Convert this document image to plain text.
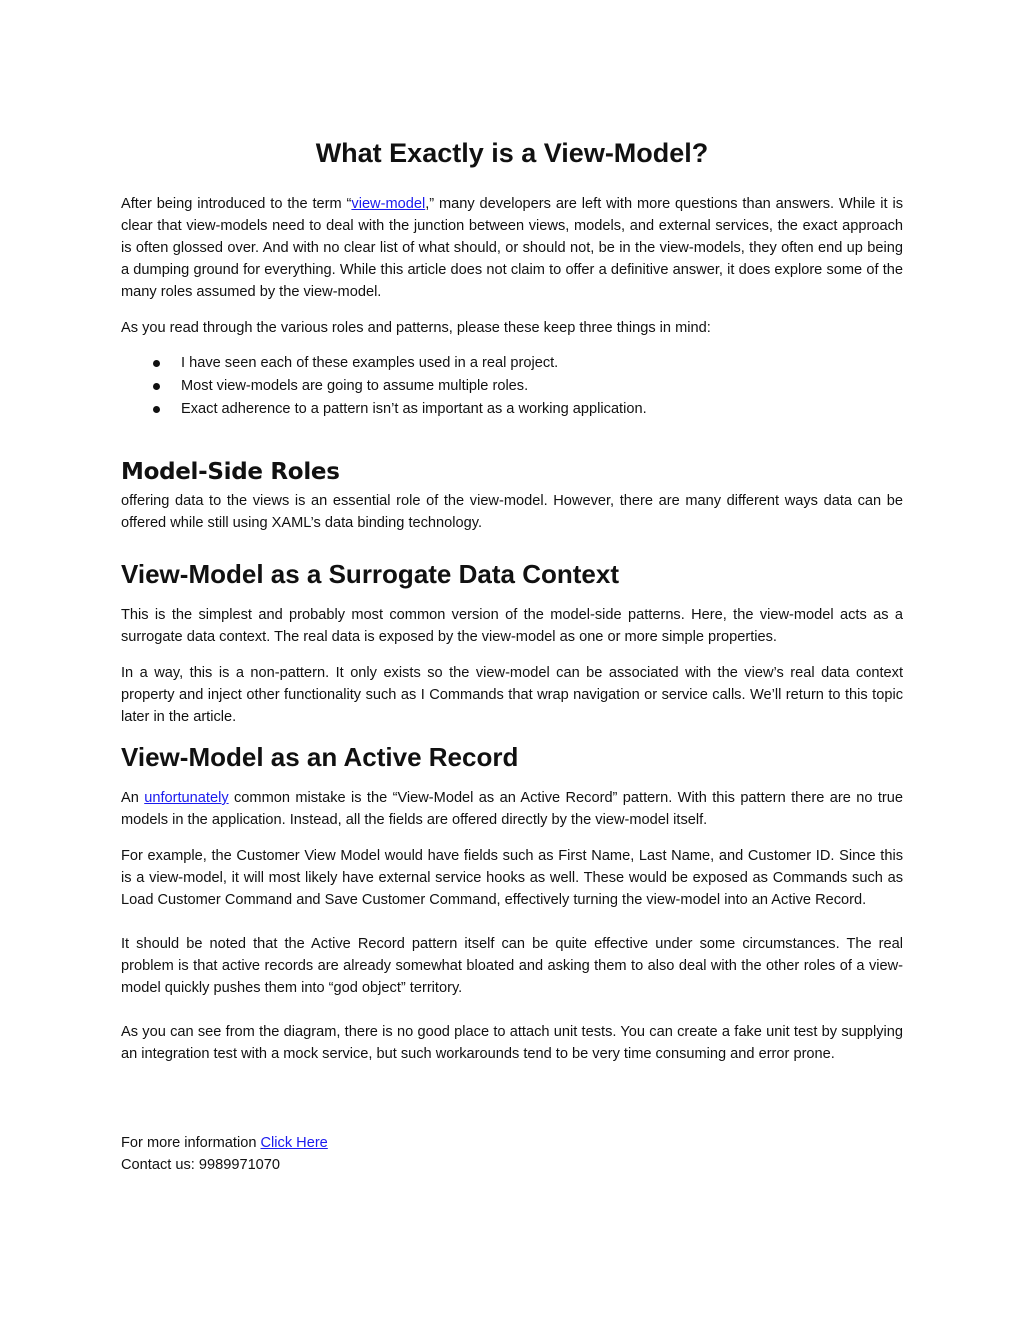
What Exactly is a View-Model?

After being introduced to the term “view-model,” many developers are left with more questions than answers. While it is clear that view-models need to deal with the junction between views, models, and external services, the exact approach is often glossed over. And with no clear list of what should, or should not, be in the view-models, they often end up being a dumping ground for everything. While this article does not claim to offer a definitive answer, it does explore some of the many roles assumed by the view-model.

As you read through the various roles and patterns, please these keep three things in mind:

I have seen each of these examples used in a real project.
Most view-models are going to assume multiple roles.
Exact adherence to a pattern isn’t as important as a working application.
Model-Side Roles

offering data to the views is an essential role of the view-model. However, there are many different ways data can be offered while still using XAML’s data binding technology.

View-Model as a Surrogate Data Context

This is the simplest and probably most common version of the model-side patterns. Here, the view-model acts as a surrogate data context. The real data is exposed by the view-model as one or more simple properties.

In a way, this is a non-pattern. It only exists so the view-model can be associated with the view’s real data context property and inject other functionality such as I Commands that wrap navigation or service calls. We’ll return to this topic later in the article.

View-Model as an Active Record

An unfortunately common mistake is the “View-Model as an Active Record” pattern. With this pattern there are no true models in the application. Instead, all the fields are offered directly by the view-model itself.

For example, the Customer View Model would have fields such as First Name, Last Name, and Customer ID. Since this is a view-model, it will most likely have external service hooks as well. These would be exposed as Commands such as Load Customer Command and Save Customer Command, effectively turning the view-model into an Active Record.

It should be noted that the Active Record pattern itself can be quite effective under some circumstances. The real problem is that active records are already somewhat bloated and asking them to also deal with the other roles of a view-model quickly pushes them into “god object” territory.

As you can see from the diagram, there is no good place to attach unit tests. You can create a fake unit test by supplying an integration test with a mock service, but such workarounds tend to be very time consuming and error prone.

For more information Click Here

Contact us: 9989971070
